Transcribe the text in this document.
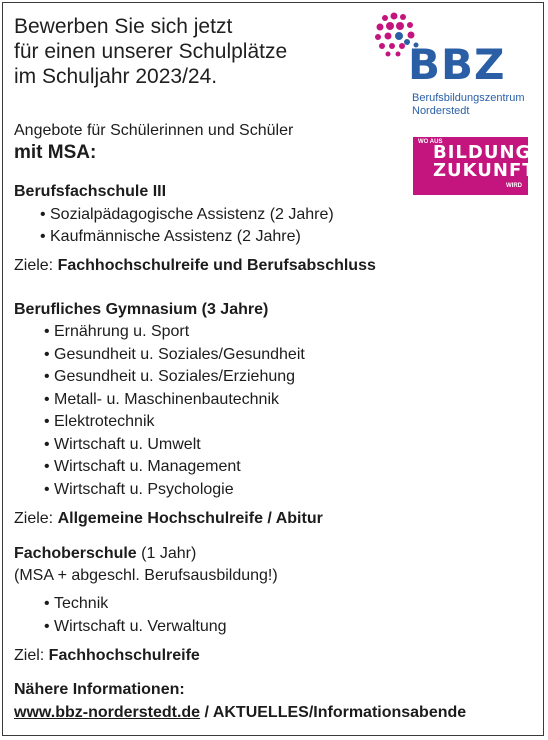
Bewerben Sie sich jetzt
für einen unserer Schulplätze
im Schuljahr 2023/24.	BBZ
Berufsbildungszentrum
Norderstedt
WO AUS
BILDUNG
ZUKUNFT
WIRD
Angebote für Schülerinnen und Schüler
mit MSA:
Berufsfachschule III
• Sozialpädagogische Assistenz (2 Jahre)
• Kaufmännische Assistenz (2 Jahre)
Ziele: Fachhochschulreife und Berufsabschluss
Berufliches Gymnasium (3 Jahre)
• Ernährung u. Sport
• Gesundheit u. Soziales/Gesundheit
• Gesundheit u. Soziales/Erziehung
• Metall- u. Maschinenbautechnik
• Elektrotechnik
• Wirtschaft u. Umwelt
• Wirtschaft u. Management
• Wirtschaft u. Psychologie
Ziele: Allgemeine Hochschulreife / Abitur
Fachoberschule (1 Jahr)
(MSA + abgeschl. Berufsausbildung!)
• Technik
• Wirtschaft u. Verwaltung
Ziel: Fachhochschulreife
Nähere Informationen:
www.bbz-norderstedt.de / AKTUELLES/Informationsabende
